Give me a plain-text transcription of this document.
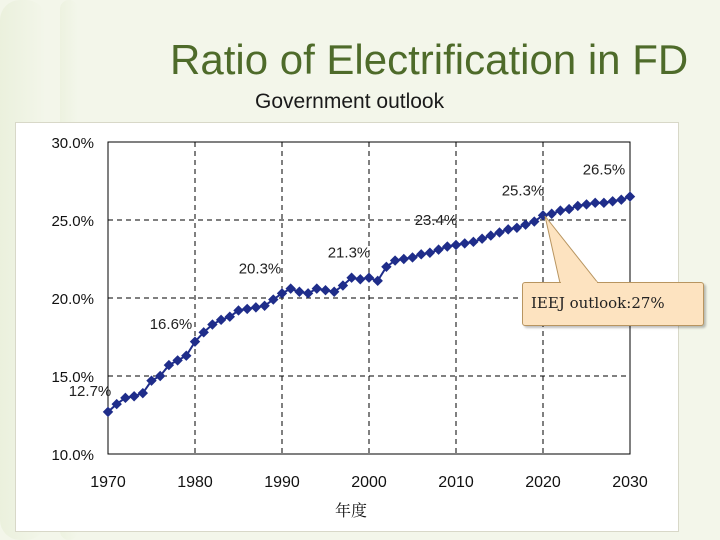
Ratio of Electrification in FD
Government outlook
10.0%
15.0%
20.0%
25.0%
30.0%
1970	1980	1990	2000	2010	2020	2030
年度
12.7%
16.6%
20.3%
21.3%
23.4%
25.3%
26.5%
IEEJ outlook:27%
